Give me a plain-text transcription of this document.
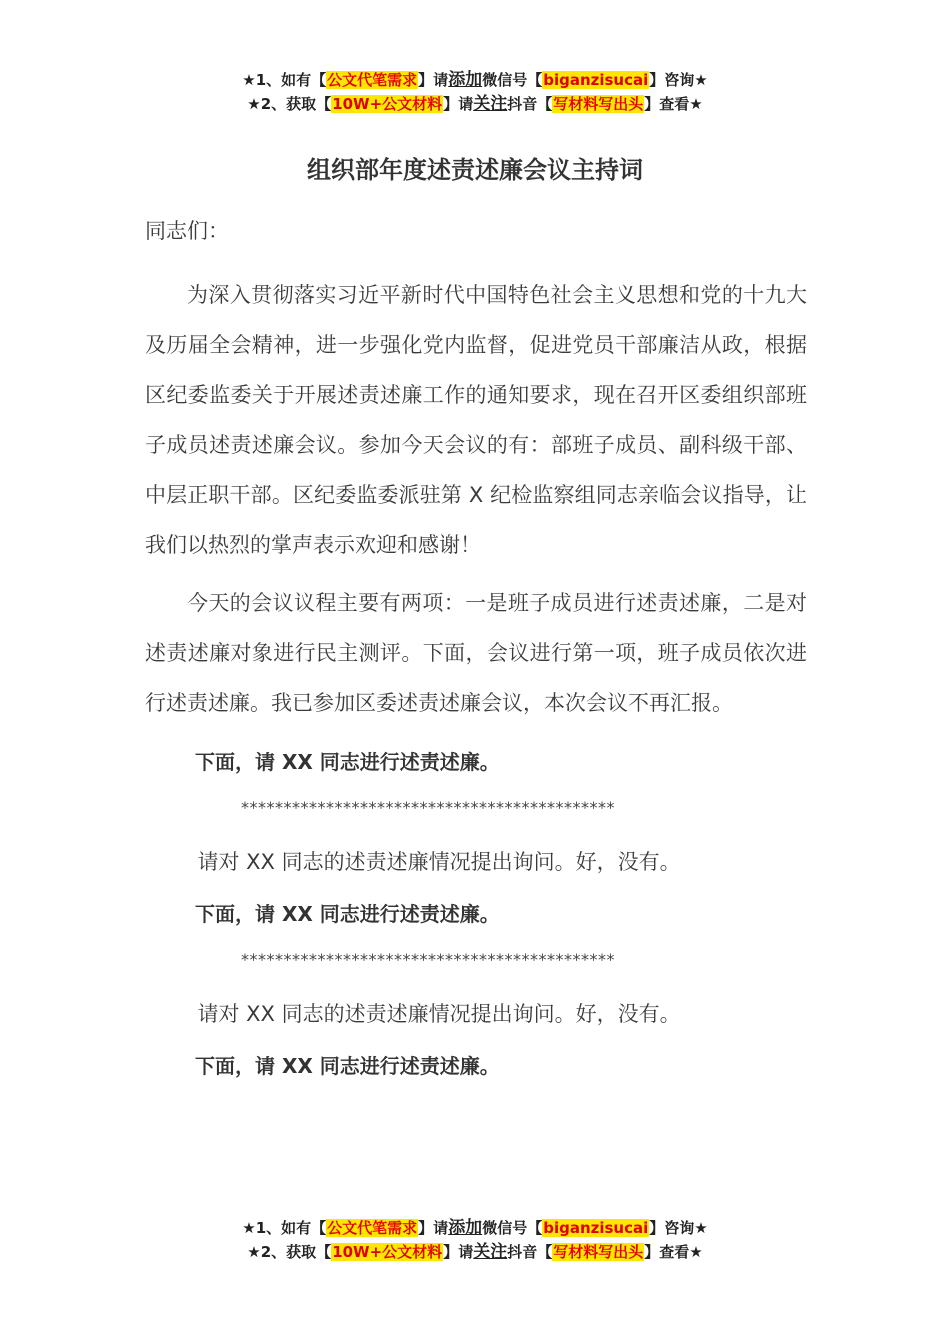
★1、如有【公文代笔需求】请添加微信号【biganzisucai】咨询★
★2、获取【10W+公文材料】请关注抖音【写材料写出头】查看★
组织部年度述责述廉会议主持词
同志们：

为深入贯彻落实习近平新时代中国特色社会主义思想和党的十九大及历届全会精神，进一步强化党内监督，促进党员干部廉洁从政，根据区纪委监委关于开展述责述廉工作的通知要求，现在召开区委组织部班子成员述责述廉会议。参加今天会议的有：部班子成员、副科级干部、中层正职干部。区纪委监委派驻第 X 纪检监察组同志亲临会议指导，让我们以热烈的掌声表示欢迎和感谢！

今天的会议议程主要有两项：一是班子成员进行述责述廉，二是对述责述廉对象进行民主测评。下面，会议进行第一项，班子成员依次进行述责述廉。我已参加区委述责述廉会议，本次会议不再汇报。

下面，请 XX 同志进行述责述廉。
********************************************
请对 XX 同志的述责述廉情况提出询问。好，没有。
下面，请 XX 同志进行述责述廉。
********************************************
请对 XX 同志的述责述廉情况提出询问。好，没有。
下面，请 XX 同志进行述责述廉。
★1、如有【公文代笔需求】请添加微信号【biganzisucai】咨询★
★2、获取【10W+公文材料】请关注抖音【写材料写出头】查看★
